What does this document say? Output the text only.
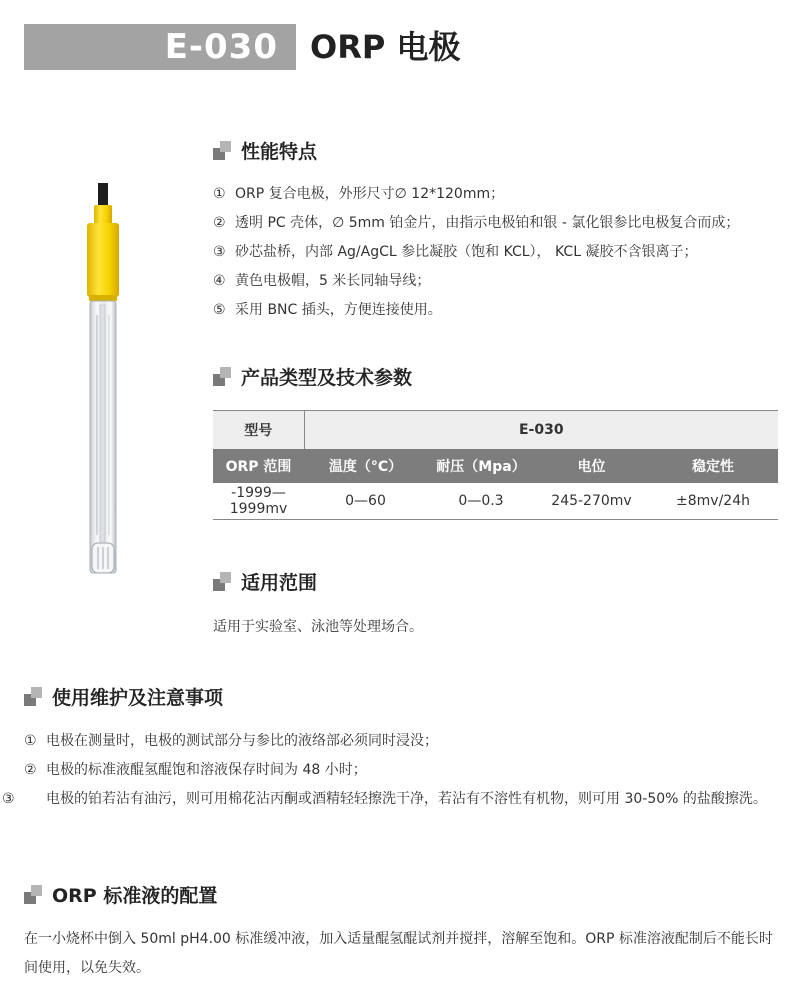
E-030 ORP 电极
性能特点
① ORP 复合电极，外形尺寸∅ 12*120mm；
② 透明 PC 壳体，∅ 5mm 铂金片，由指示电极铂和银 - 氯化银参比电极复合而成；
③ 砂芯盐桥，内部 Ag/AgCL 参比凝胶（饱和 KCL）， KCL 凝胶不含银离子；
④ 黄色电极帽，5 米长同轴导线；
⑤ 采用 BNC 插头，方便连接使用。
产品类型及技术参数
型号	E-030			
ORP 范围	温度（°C）	耐压（Mpa）	电位	稳定性
-1999—1999mv	0—60	0—0.3	245-270mv	±8mv/24h
适用范围
适用于实验室、泳池等处理场合。
使用维护及注意事项
① 电极在测量时，电极的测试部分与参比的液络部必须同时浸没；
② 电极的标准液醌氢醌饱和溶液保存时间为 48 小时；
③ 电极的铂若沾有油污，则可用棉花沾丙酮或酒精轻轻擦洗干净，若沾有不溶性有机物，则可用 30-50% 的盐酸擦洗。
ORP 标准液的配置
在一小烧杯中倒入 50ml pH4.00 标准缓冲液，加入适量醌氢醌试剂并搅拌，溶解至饱和。ORP 标准溶液配制后不能长时间使用，以免失效。
